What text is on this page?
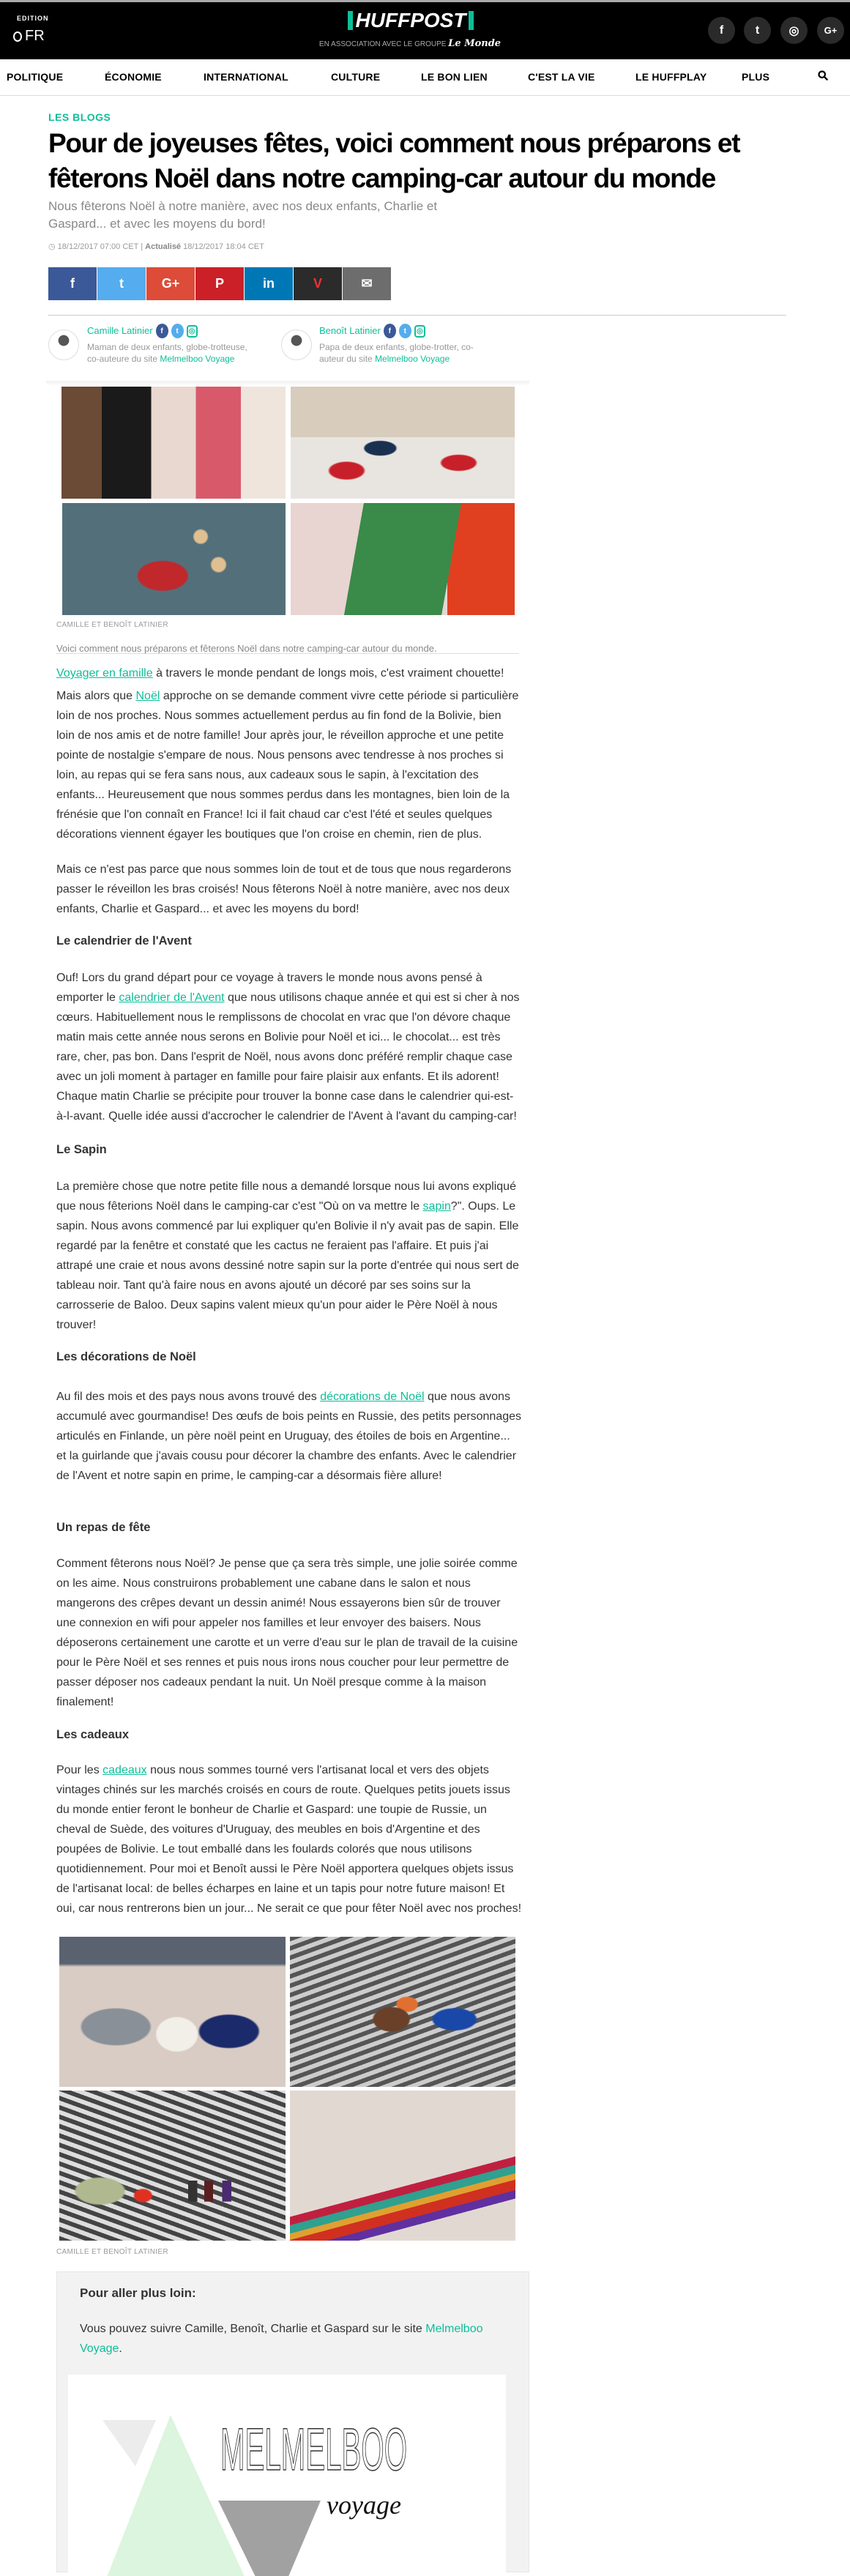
EDITION
FR
HUFFPOST
EN ASSOCIATION AVEC LE GROUPE Le Monde
f	t	◎	G+
POLITIQUE	ÉCONOMIE	INTERNATIONAL	CULTURE	LE BON LIEN	C'EST LA VIE	LE HUFFPLAY	PLUS	⚲
LES BLOGS
Pour de joyeuses fêtes, voici comment nous préparons et fêterons Noël dans notre camping-car autour du monde
Nous fêterons Noël à notre manière, avec nos deux enfants, Charlie et Gaspard... et avec les moyens du bord!
◷ 18/12/2017 07:00 CET | Actualisé 18/12/2017 18:04 CET
f	t	G+	P	in	V	✉
Camille Latinier f t ◎
Maman de deux enfants, globe-trotteuse, co-auteure du site Melmelboo Voyage
Benoît Latinier f t ◎
Papa de deux enfants, globe-trotter, co-auteur du site Melmelboo Voyage
CAMILLE ET BENOÎT LATINIER
Voici comment nous préparons et fêterons Noël dans notre camping-car autour du monde.
Voyager en famille à travers le monde pendant de longs mois, c'est vraiment chouette!
Mais alors que Noël approche on se demande comment vivre cette période si particulière loin de nos proches. Nous sommes actuellement perdus au fin fond de la Bolivie, bien loin de nos amis et de notre famille! Jour après jour, le réveillon approche et une petite pointe de nostalgie s'empare de nous. Nous pensons avec tendresse à nos proches si loin, au repas qui se fera sans nous, aux cadeaux sous le sapin, à l'excitation des enfants... Heureusement que nous sommes perdus dans les montagnes, bien loin de la frénésie que l'on connaît en France! Ici il fait chaud car c'est l'été et seules quelques décorations viennent égayer les boutiques que l'on croise en chemin, rien de plus.
Mais ce n'est pas parce que nous sommes loin de tout et de tous que nous regarderons passer le réveillon les bras croisés! Nous fêterons Noël à notre manière, avec nos deux enfants, Charlie et Gaspard... et avec les moyens du bord!
Le calendrier de l'Avent
Ouf! Lors du grand départ pour ce voyage à travers le monde nous avons pensé à emporter le calendrier de l'Avent que nous utilisons chaque année et qui est si cher à nos cœurs. Habituellement nous le remplissons de chocolat en vrac que l'on dévore chaque matin mais cette année nous serons en Bolivie pour Noël et ici... le chocolat... est très rare, cher, pas bon. Dans l'esprit de Noël, nous avons donc préféré remplir chaque case avec un joli moment à partager en famille pour faire plaisir aux enfants. Et ils adorent! Chaque matin Charlie se précipite pour trouver la bonne case dans le calendrier qui-est-à-l-avant. Quelle idée aussi d'accrocher le calendrier de l'Avent à l'avant du camping-car!
Le Sapin
La première chose que notre petite fille nous a demandé lorsque nous lui avons expliqué que nous fêterions Noël dans le camping-car c'est "Où on va mettre le sapin?". Oups. Le sapin. Nous avons commencé par lui expliquer qu'en Bolivie il n'y avait pas de sapin. Elle regardé par la fenêtre et constaté que les cactus ne feraient pas l'affaire. Et puis j'ai attrapé une craie et nous avons dessiné notre sapin sur la porte d'entrée qui nous sert de tableau noir. Tant qu'à faire nous en avons ajouté un décoré par ses soins sur la carrosserie de Baloo. Deux sapins valent mieux qu'un pour aider le Père Noël à nous trouver!
Les décorations de Noël
Au fil des mois et des pays nous avons trouvé des décorations de Noël que nous avons accumulé avec gourmandise! Des œufs de bois peints en Russie, des petits personnages articulés en Finlande, un père noël peint en Uruguay, des étoiles de bois en Argentine... et la guirlande que j'avais cousu pour décorer la chambre des enfants. Avec le calendrier de l'Avent et notre sapin en prime, le camping-car a désormais fière allure!
Un repas de fête
Comment fêterons nous Noël? Je pense que ça sera très simple, une jolie soirée comme on les aime. Nous construirons probablement une cabane dans le salon et nous mangerons des crêpes devant un dessin animé! Nous essayerons bien sûr de trouver une connexion en wifi pour appeler nos familles et leur envoyer des baisers. Nous déposerons certainement une carotte et un verre d'eau sur le plan de travail de la cuisine pour le Père Noël et ses rennes et puis nous irons nous coucher pour leur permettre de passer déposer nos cadeaux pendant la nuit. Un Noël presque comme à la maison finalement!
Les cadeaux
Pour les cadeaux nous nous sommes tourné vers l'artisanat local et vers des objets vintages chinés sur les marchés croisés en cours de route. Quelques petits jouets issus du monde entier feront le bonheur de Charlie et Gaspard: une toupie de Russie, un cheval de Suède, des voitures d'Uruguay, des meubles en bois d'Argentine et des poupées de Bolivie. Le tout emballé dans les foulards colorés que nous utilisons quotidiennement. Pour moi et Benoît aussi le Père Noël apportera quelques objets issus de l'artisanat local: de belles écharpes en laine et un tapis pour notre future maison! Et oui, car nous rentrerons bien un jour... Ne serait ce que pour fêter Noël avec nos proches!
CAMILLE ET BENOÎT LATINIER
Pour aller plus loin:
Vous pouvez suivre Camille, Benoît, Charlie et Gaspard sur le site Melmelboo Voyage.
MELMELBOO
voyage
